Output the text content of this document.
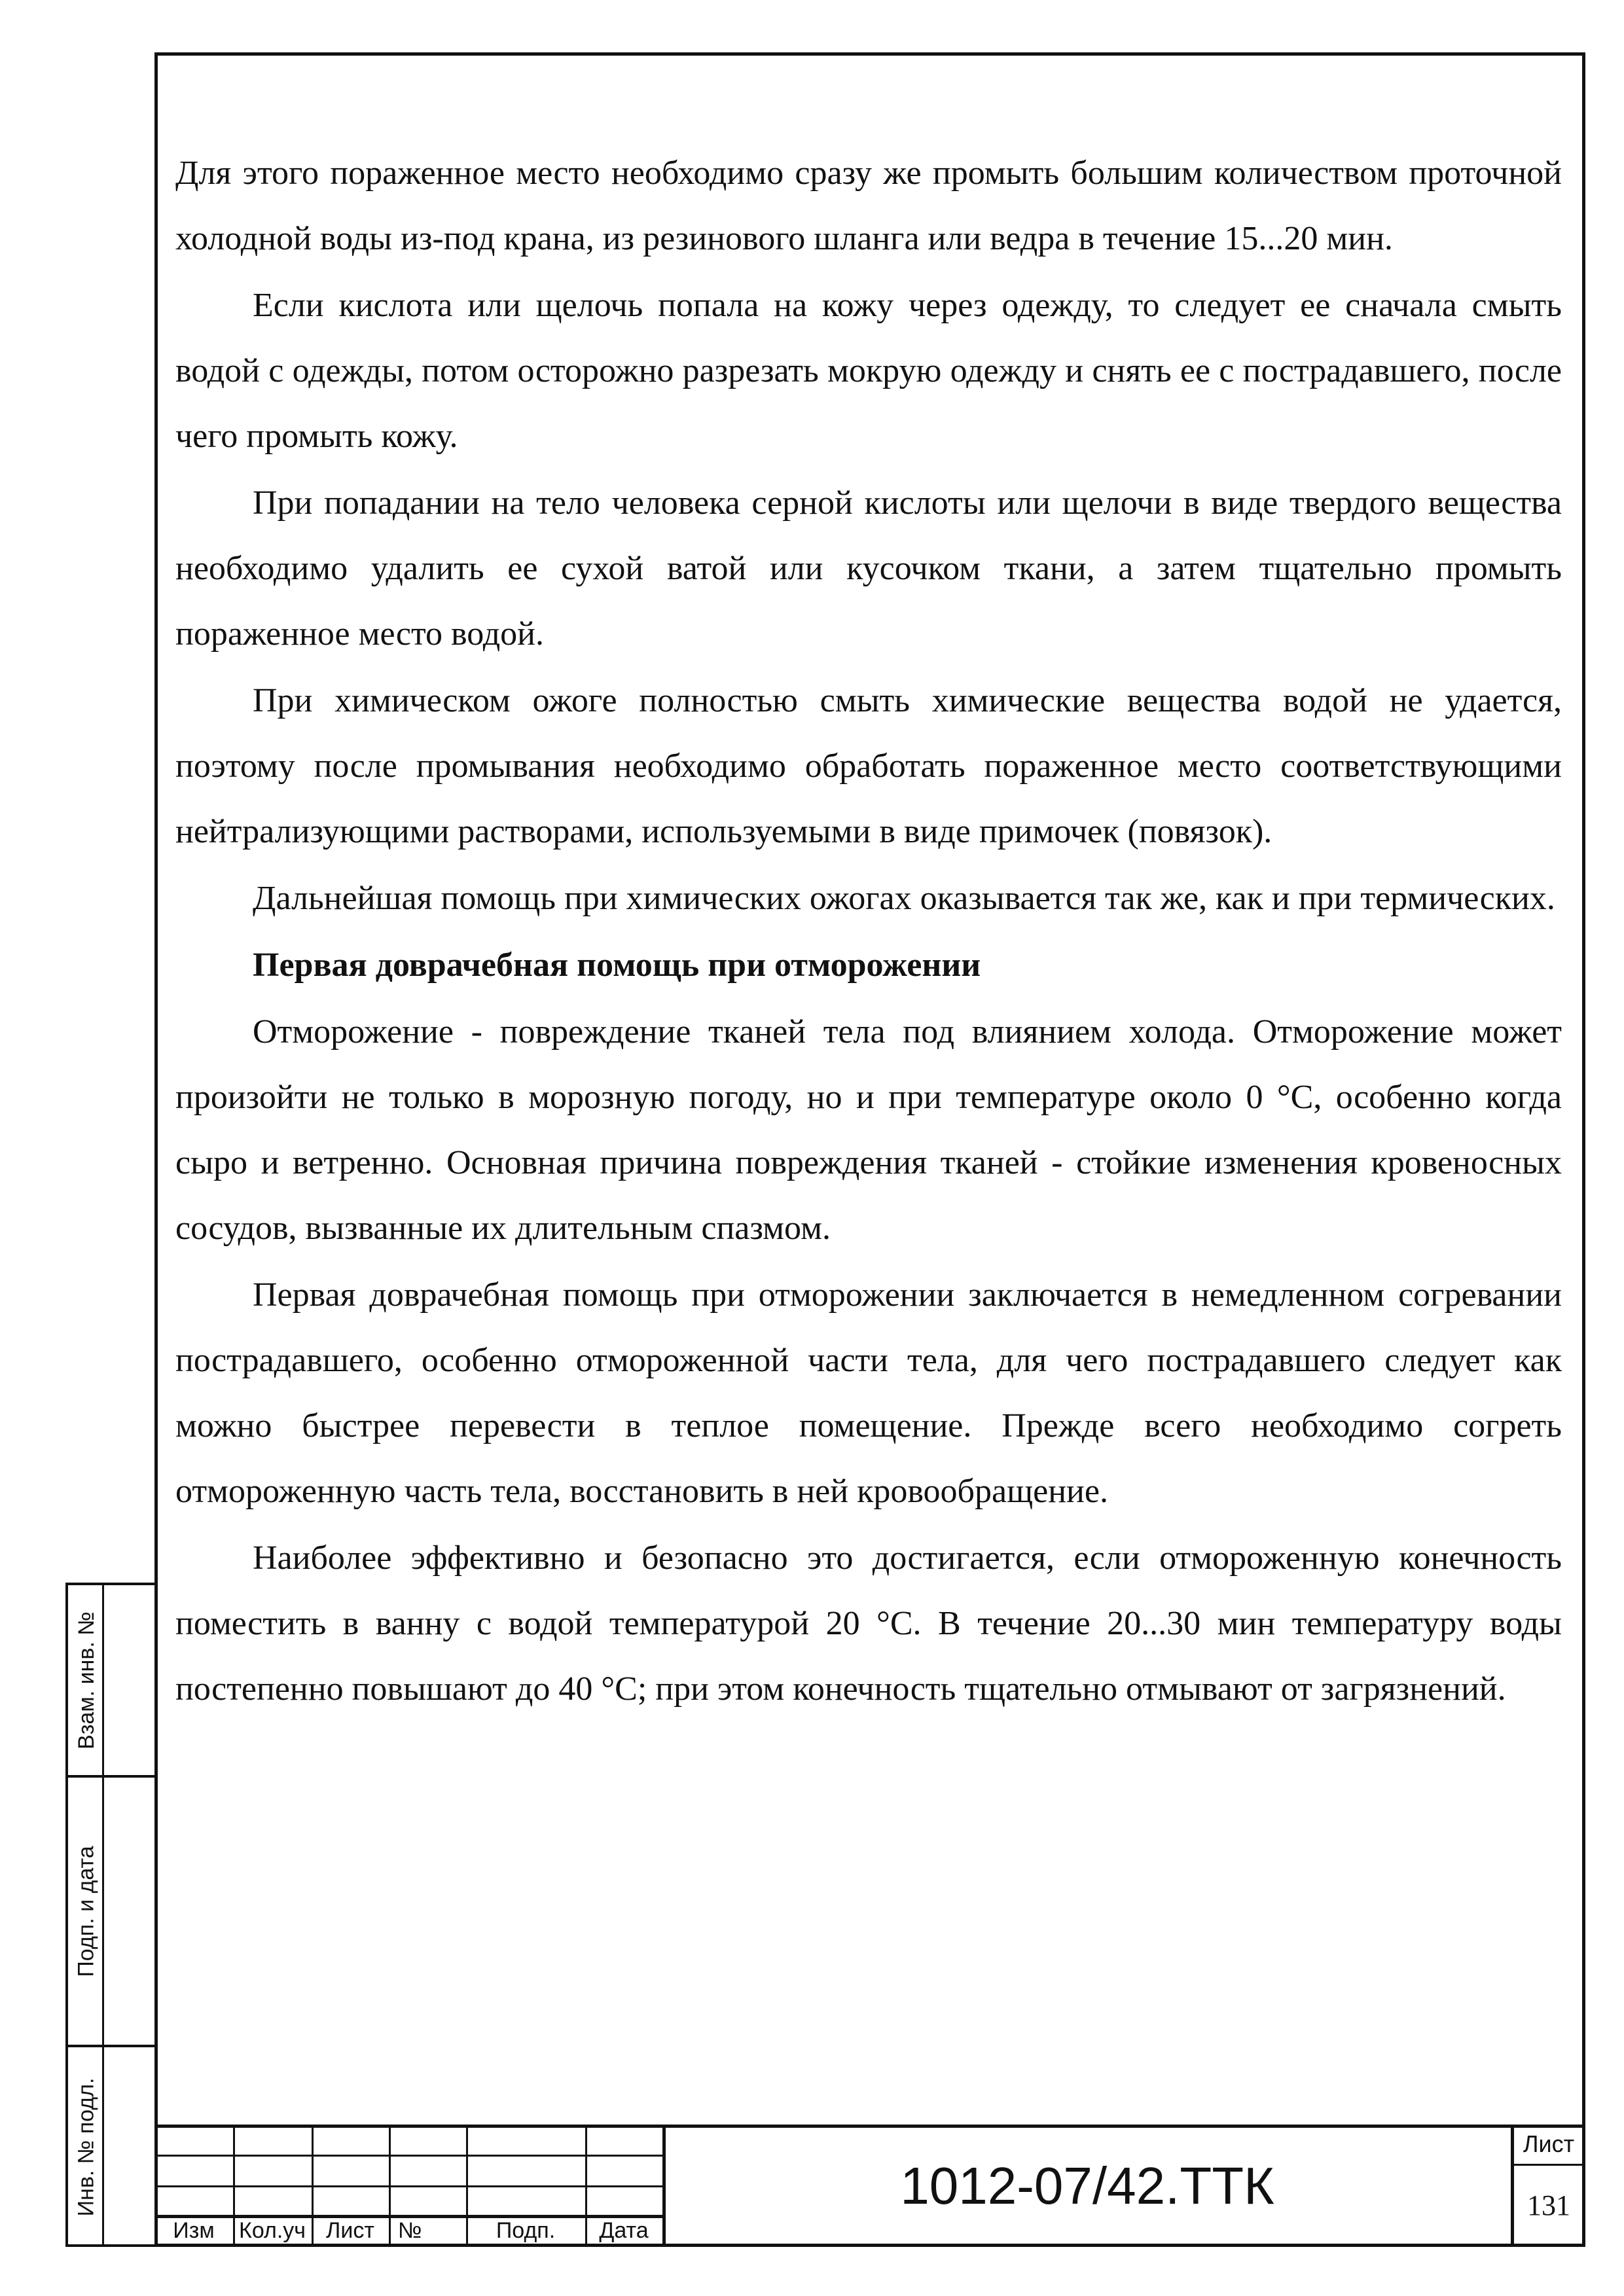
Для этого пораженное место необходимо сразу же промыть большим количеством проточной холодной воды из-под крана, из резинового шланга или ведра в течение 15...20 мин.

Если кислота или щелочь попала на кожу через одежду, то следует ее сначала смыть водой с одежды, потом осторожно разрезать мокрую одежду и снять ее с пострадавшего, после чего промыть кожу.

При попадании на тело человека серной кислоты или щелочи в виде твердого вещества необходимо удалить ее сухой ватой или кусочком ткани, а затем тщательно промыть пораженное место водой.

При химическом ожоге полностью смыть химические вещества водой не удается, поэтому после промывания необходимо обработать пораженное место соответствующими нейтрализующими растворами, используемыми в виде примочек (повязок).

Дальнейшая помощь при химических ожогах оказывается так же, как и при термических.

Первая доврачебная помощь при отморожении

Отморожение - повреждение тканей тела под влиянием холода. Отморожение может произойти не только в морозную погоду, но и при температуре около 0 °С, особенно когда сыро и ветренно. Основная причина повреждения тканей - стойкие изменения кровеносных сосудов, вызванные их длительным спазмом.

Первая доврачебная помощь при отморожении заключается в немедленном согревании пострадавшего, особенно отмороженной части тела, для чего пострадавшего следует как можно быстрее перевести в теплое помещение. Прежде всего необходимо согреть отмороженную часть тела, восстановить в ней кровообращение.

Наиболее эффективно и безопасно это достигается, если отмороженную конечность поместить в ванну с водой температурой 20 °С. В течение 20...30 мин температуру воды постепенно повышают до 40 °С; при этом конечность тщательно отмывают от загрязнений.

Взам. инв. №
Подп. и дата
Инв. № подл.
Изм	Кол.уч Лист	№	Подп.	Дата
1012-07/42.ТТК
Лист
131
